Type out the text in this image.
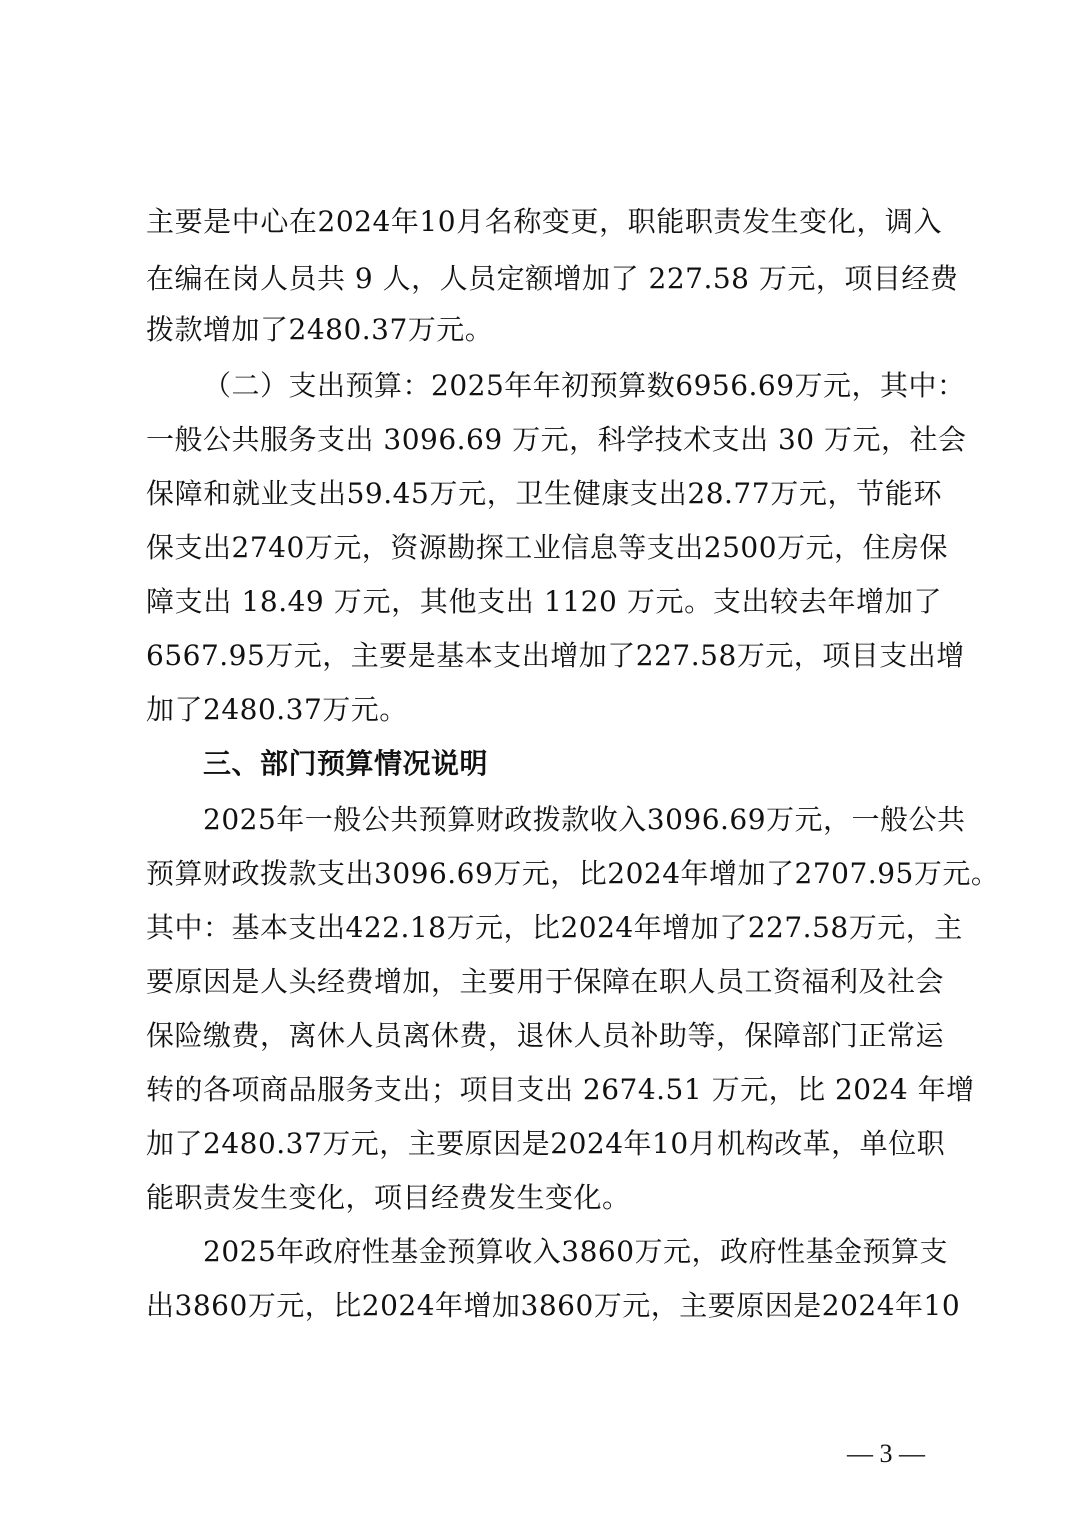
主要是中心在2024年10月名称变更，职能职责发生变化，调入
在编在岗人员共 9 人，人员定额增加了 227.58 万元，项目经费
拨款增加了2480.37万元。
（二）支出预算：2025年年初预算数6956.69万元，其中：
一般公共服务支出 3096.69 万元，科学技术支出 30 万元，社会
保障和就业支出59.45万元，卫生健康支出28.77万元，节能环
保支出2740万元，资源勘探工业信息等支出2500万元，住房保
障支出 18.49 万元，其他支出 1120 万元。支出较去年增加了
6567.95万元，主要是基本支出增加了227.58万元，项目支出增
加了2480.37万元。
三、部门预算情况说明
2025年一般公共预算财政拨款收入3096.69万元，一般公共
预算财政拨款支出3096.69万元，比2024年增加了2707.95万元。
其中：基本支出422.18万元，比2024年增加了227.58万元，主
要原因是人头经费增加，主要用于保障在职人员工资福利及社会
保险缴费，离休人员离休费，退休人员补助等，保障部门正常运
转的各项商品服务支出；项目支出 2674.51 万元，比 2024 年增
加了2480.37万元，主要原因是2024年10月机构改革，单位职
能职责发生变化，项目经费发生变化。
2025年政府性基金预算收入3860万元，政府性基金预算支
出3860万元，比2024年增加3860万元，主要原因是2024年10
— 3 —
